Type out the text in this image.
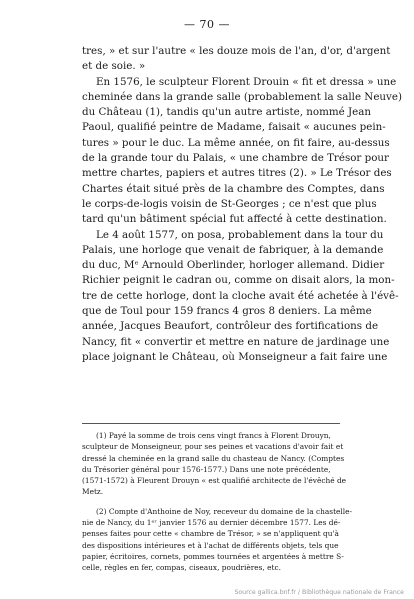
— 70 —

tres, » et sur l'autre « les douze mois de l'an, d'or, d'argent
et de soie. »

En 1576, le sculpteur Florent Drouin « fit et dressa » une
cheminée dans la grande salle (probablement la salle Neuve)
du Château (1), tandis qu'un autre artiste, nommé Jean
Paoul, qualifié peintre de Madame, faisait « aucunes pein-
tures » pour le duc. La même année, on fit faire, au-dessus
de la grande tour du Palais, « une chambre de Trésor pour
mettre chartes, papiers et autres titres (2). » Le Trésor des
Chartes était situé près de la chambre des Comptes, dans
le corps-de-logis voisin de St-Georges ; ce n'est que plus
tard qu'un bâtiment spécial fut affecté à cette destination.

Le 4 août 1577, on posa, probablement dans la tour du
Palais, une horloge que venait de fabriquer, à la demande
du duc, Mᵉ Arnould Oberlinder, horloger allemand. Didier
Richier peignit le cadran ou, comme on disait alors, la mon-
tre de cette horloge, dont la cloche avait été achetée à l'évê-
que de Toul pour 159 francs 4 gros 8 deniers. La même
année, Jacques Beaufort, contrôleur des fortifications de
Nancy, fit « convertir et mettre en nature de jardinage une
place joignant le Château, où Monseigneur a fait faire une

(1) Payé la somme de trois cens vingt francs à Florent Drouyn,
sculpteur de Monseigneur, pour ses peines et vacations d'avoir fait et
dressé la cheminée en la grand salle du chasteau de Nancy. (Comptes
du Trésorier général pour 1576-1577.) Dans une note précédente,
(1571-1572) à Fleurent Drouyn « est qualifié architecte de l'évêché de
Metz.
(2) Compte d'Anthoine de Noy, receveur du domaine de la chastelle-
nie de Nancy, du 1ᵉʳ janvier 1576 au dernier décembre 1577. Les dé-
penses faites pour cette « chambre de Trésor, » se n'appliquent qu'à
des dispositions intérieures et à l'achat de différents objets, tels que
papier, écritoires, cornets, pommes tournées et argentées à mettre S-
celle, règles en fer, compas, ciseaux, poudrières, etc.
Source gallica.bnf.fr / Bibliothèque nationale de France
